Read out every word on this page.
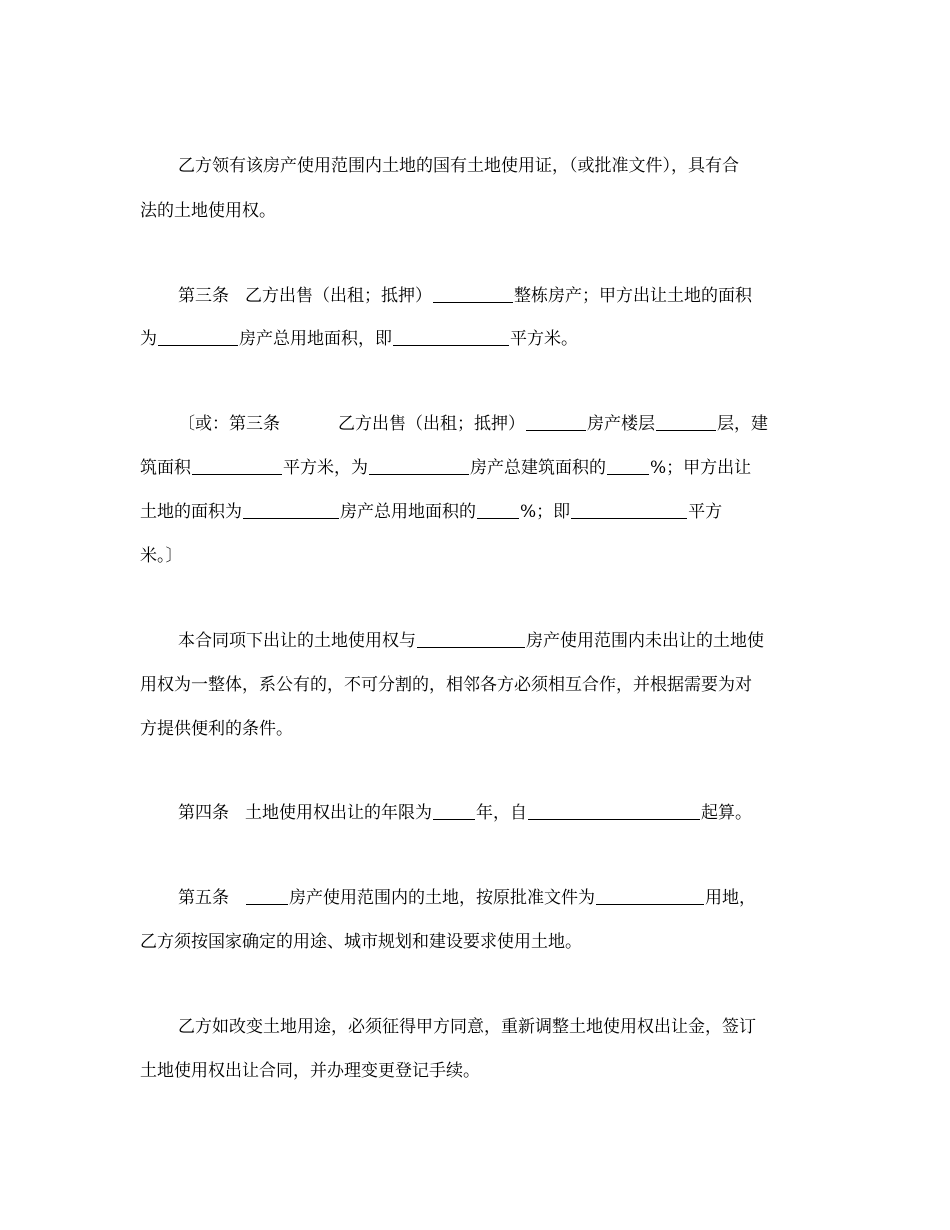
乙方领有该房产使用范围内土地的国有土地使用证，（或批准文件），具有合
法的土地使用权。
第三条 乙方出售（出租；抵押）	整栋房产；甲方出让土地的面积
为	房产总用地面积，即	平方米。
〔或：第三条	乙方出售（出租；抵押）	房产楼层	层，建
筑面积	平方米，为	房产总建筑面积的	%；甲方出让
土地的面积为	房产总用地面积的	%；即	平方
米。〕
本合同项下出让的土地使用权与	房产使用范围内未出让的土地使
用权为一整体，系公有的，不可分割的，相邻各方必须相互合作，并根据需要为对
方提供便利的条件。
第四条 土地使用权出让的年限为	年，自	起算。
第五条	房产使用范围内的土地，按原批准文件为	用地，
乙方须按国家确定的用途、城市规划和建设要求使用土地。
乙方如改变土地用途，必须征得甲方同意，重新调整土地使用权出让金，签订
土地使用权出让合同，并办理变更登记手续。
